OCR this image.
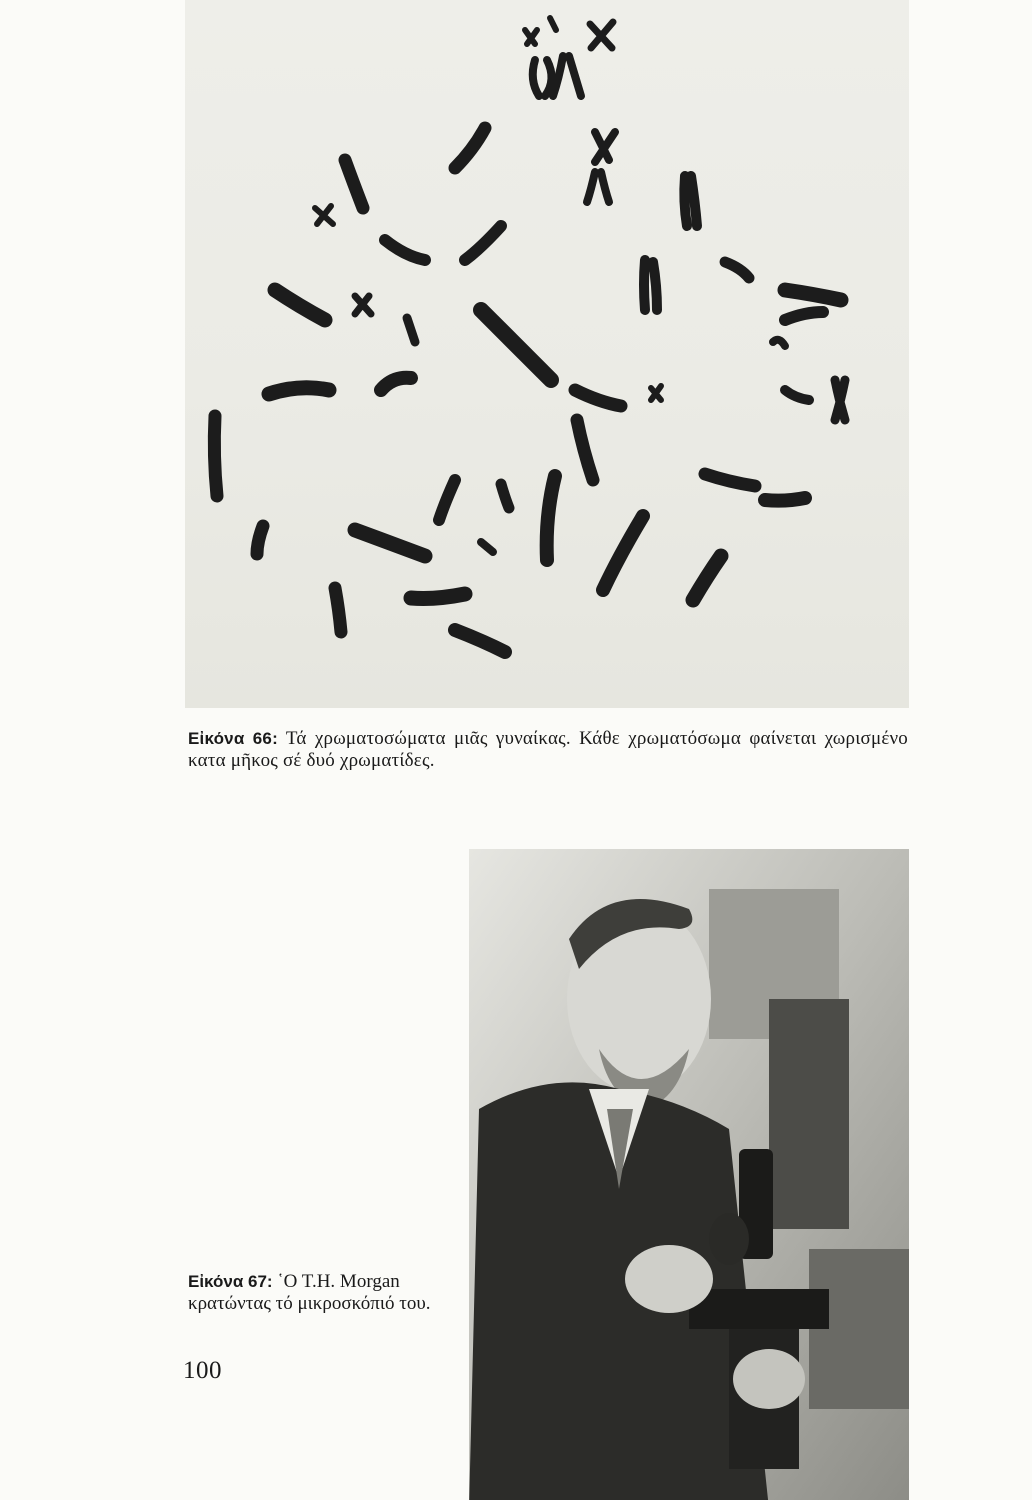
Εἰκόνα 66: Τά χρωματοσώματα μιᾶς γυναίκας. Κάθε χρωματόσωμα φαίνεται χωρισμένο κατα μῆκος σέ δυό χρωματίδες.
Εἰκόνα 67: ῾Ο Τ.Η. Morgan κρατώντας τό μικροσκόπιό του.
100
